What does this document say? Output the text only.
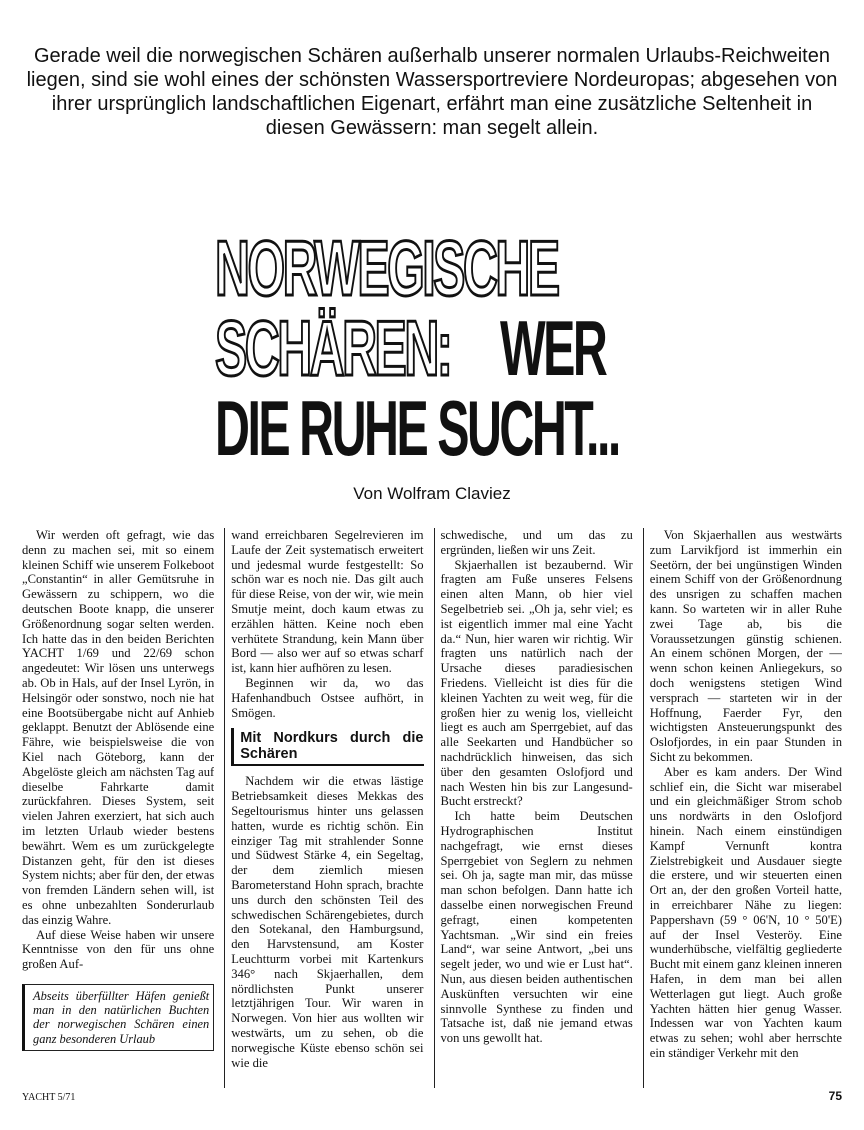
Gerade weil die norwegischen Schären außerhalb unserer normalen Urlaubs-Reichweiten liegen, sind sie wohl eines der schönsten Wassersportreviere Nordeuropas; abgesehen von ihrer ursprünglich landschaftlichen Eigenart, erfährt man eine zusätzliche Seltenheit in diesen Gewässern: man segelt allein.

NORWEGISCHE
SCHÄREN: WER
DIE RUHE SUCHT...
Von Wolfram Claviez

Wir werden oft gefragt, wie das denn zu machen sei, mit so einem kleinen Schiff wie unserem Folkeboot „Constantin“ in aller Gemütsruhe in Gewässern zu schippern, wo die deutschen Boote knapp, die unserer Größenordnung sogar selten werden. Ich hatte das in den beiden Berichten YACHT 1/69 und 22/69 schon angedeutet: Wir lösen uns unterwegs ab. Ob in Hals, auf der Insel Lyrön, in Helsingör oder sonstwo, noch nie hat eine Bootsübergabe nicht auf Anhieb geklappt. Benutzt der Ablösende eine Fähre, wie beispielsweise die von Kiel nach Göteborg, kann der Abgelöste gleich am nächsten Tag auf dieselbe Fahrkarte damit zurückfahren. Dieses System, seit vielen Jahren exerziert, hat sich auch im letzten Urlaub wieder bestens bewährt. Wem es um zurückgelegte Distanzen geht, für den ist dieses System nichts; aber für den, der etwas von fremden Ländern sehen will, ist es ohne unbezahlten Sonderurlaub das einzig Wahre.

Auf diese Weise haben wir unsere Kenntnisse von den für uns ohne großen Auf-

Abseits überfüllter Häfen genießt man in den natürlichen Buchten der norwegischen Schären einen ganz besonderen Urlaub

wand erreichbaren Segelrevieren im Laufe der Zeit systematisch erweitert und jedesmal wurde festgestellt: So schön war es noch nie. Das gilt auch für diese Reise, von der wir, wie mein Smutje meint, doch kaum etwas zu erzählen hätten. Keine noch eben verhütete Strandung, kein Mann über Bord — also wer auf so etwas scharf ist, kann hier aufhören zu lesen.

Beginnen wir da, wo das Hafenhandbuch Ostsee aufhört, in Smögen.

Mit Nordkurs durch die Schären

Nachdem wir die etwas lästige Betriebsamkeit dieses Mekkas des Segeltourismus hinter uns gelassen hatten, wurde es richtig schön. Ein einziger Tag mit strahlender Sonne und Südwest Stärke 4, ein Segeltag, der dem ziemlich miesen Barometerstand Hohn sprach, brachte uns durch den schönsten Teil des schwedischen Schärengebietes, durch den Sotekanal, den Hamburgsund, den Harvstensund, am Koster Leuchtturm vorbei mit Kartenkurs 346° nach Skjaerhallen, dem nördlichsten Punkt unserer letztjährigen Tour. Wir waren in Norwegen. Von hier aus wollten wir westwärts, um zu sehen, ob die norwegische Küste ebenso schön sei wie die

schwedische, und um das zu ergründen, ließen wir uns Zeit.

Skjaerhallen ist bezaubernd. Wir fragten am Fuße unseres Felsens einen alten Mann, ob hier viel Segelbetrieb sei. „Oh ja, sehr viel; es ist eigentlich immer mal eine Yacht da.“ Nun, hier waren wir richtig. Wir fragten uns natürlich nach der Ursache dieses paradiesischen Friedens. Vielleicht ist dies für die kleinen Yachten zu weit weg, für die großen hier zu wenig los, vielleicht liegt es auch am Sperrgebiet, auf das alle Seekarten und Handbücher so nachdrücklich hinweisen, das sich über den gesamten Oslofjord und nach Westen hin bis zur Langesund-Bucht erstreckt?

Ich hatte beim Deutschen Hydrographischen Institut nachgefragt, wie ernst dieses Sperrgebiet von Seglern zu nehmen sei. Oh ja, sagte man mir, das müsse man schon befolgen. Dann hatte ich dasselbe einen norwegischen Freund gefragt, einen kompetenten Yachtsman. „Wir sind ein freies Land“, war seine Antwort, „bei uns segelt jeder, wo und wie er Lust hat“. Nun, aus diesen beiden authentischen Auskünften versuchten wir eine sinnvolle Synthese zu finden und Tatsache ist, daß nie jemand etwas von uns gewollt hat.

Von Skjaerhallen aus westwärts zum Larvikfjord ist immerhin ein Seetörn, der bei ungünstigen Winden einem Schiff von der Größenordnung des unsrigen zu schaffen machen kann. So warteten wir in aller Ruhe zwei Tage ab, bis die Voraussetzungen günstig schienen. An einem schönen Morgen, der — wenn schon keinen Anliegekurs, so doch wenigstens stetigen Wind versprach — starteten wir in der Hoffnung, Faerder Fyr, den wichtigsten Ansteuerungspunkt des Oslofjordes, in ein paar Stunden in Sicht zu bekommen.

Aber es kam anders. Der Wind schlief ein, die Sicht war miserabel und ein gleichmäßiger Strom schob uns nordwärts in den Oslofjord hinein. Nach einem einstündigen Kampf Vernunft kontra Zielstrebigkeit und Ausdauer siegte die erstere, und wir steuerten einen Ort an, der den großen Vorteil hatte, in erreichbarer Nähe zu liegen: Pappershavn (59 ° 06'N, 10 ° 50'E) auf der Insel Vesteröy. Eine wunderhübsche, vielfältig gegliederte Bucht mit einem ganz kleinen inneren Hafen, in dem man bei allen Wetterlagen gut liegt. Auch große Yachten hätten hier genug Wasser. Indessen war von Yachten kaum etwas zu sehen; wohl aber herrschte ein ständiger Verkehr mit den

YACHT 5/71	75
